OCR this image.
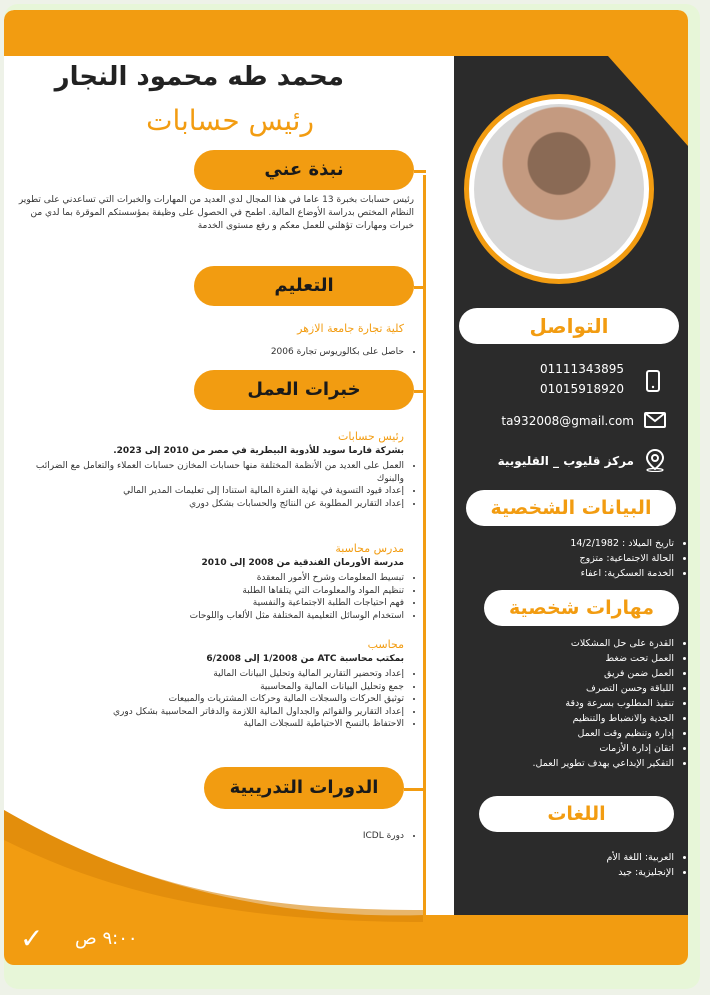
محمد طه محمود النجار
رئيس حسابات
نبذة عني
رئيس حسابات بخبرة 13 عاما في هذا المجال لدي العديد من المهارات والخبرات التي تساعدني على تطوير النظام المختص بدراسة الأوضاع المالية. اطمح في الحصول على وظيفة بمؤسستكم الموقرة بما لدي من خبرات ومهارات تؤهلني للعمل معكم و رفع مستوى الخدمة
التعليم
كلية تجارة جامعة الازهر
• حاصل على بكالوريوس تجارة 2006
خبرات العمل
رئيس حسابات
بشركة فارما سويد للأدوية البيطرية في مصر من 2010 إلى 2023.
• العمل على العديد من الأنظمة المختلفة منها حسابات المخازن حسابات العملاء والتعامل مع الضرائب والبنوك
• إعداد قيود التسوية في نهاية الفترة المالية استنادا إلى تعليمات المدير المالي
• إعداد التقارير المطلوبة عن النتائج والحسابات بشكل دوري
مدرس محاسبة
مدرسة الأورمان الفندقية من 2008 إلى 2010
• تبسيط المعلومات وشرح الأمور المعقدة
• تنظيم المواد والمعلومات التي يتلقاها الطلبة
• فهم احتياجات الطلبة الاجتماعية والنفسية
• استخدام الوسائل التعليمية المختلفة مثل الألعاب واللوحات
محاسب
بمكتب محاسبة ATC من 1/2008 إلى 6/2008
• إعداد وتحضير التقارير المالية وتحليل البيانات المالية
• جمع وتحليل البيانات المالية والمحاسبية
• توثيق الحركات والسجلات المالية وحركات المشتريات والمبيعات
• إعداد التقارير والقوائم والجداول المالية اللازمة والدفاتر المحاسبية بشكل دوري
• الاحتفاظ بالنسخ الاحتياطية للسجلات المالية
الدورات التدريبية
• دورة ICDL
التواصل
01111343895
01015918920
ta932008@gmail.com
مركز قليوب _ القليوبية
البيانات الشخصية
• تاريخ الميلاد : 14/2/1982
• الحالة الاجتماعية: متزوج
• الخدمة العسكرية: اعفاء
مهارات شخصية
• القدرة على حل المشكلات
• العمل تحت ضغط
• العمل ضمن فريق
• اللباقة وحسن التصرف
• تنفيذ المطلوب بسرعة ودقة
• الجدية والانضباط والتنظيم
• إدارة وتنظيم وقت العمل
• اتقان إدارة الأزمات
• التفكير الإبداعي بهدف تطوير العمل.
اللغات
• العربية: اللغة الأم
• الإنجليزية: جيد
✓ ٩:٠٠ ص
